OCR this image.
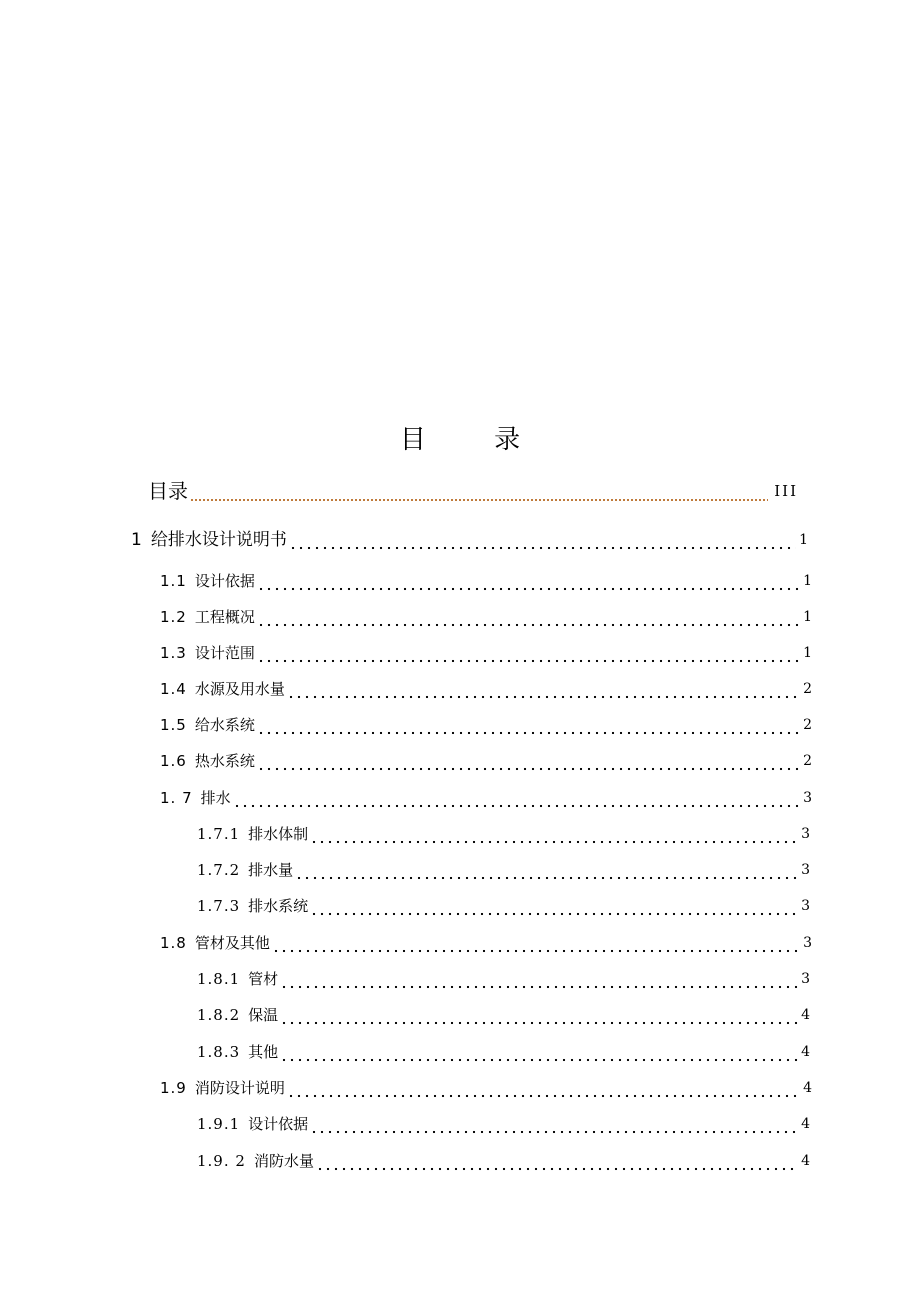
目 录
目录	III
1 给排水设计说明书	1
1.1 设计依据	1
1.2 工程概况	1
1.3 设计范围	1
1.4 水源及用水量	2
1.5 给水系统	2
1.6 热水系统	2
1. 7 排水	3
1.7.1 排水体制	3
1.7.2 排水量	3
1.7.3 排水系统	3
1.8 管材及其他	3
1.8.1 管材	3
1.8.2 保温	4
1.8.3 其他	4
1.9 消防设计说明	4
1.9.1 设计依据	4
1.9. 2 消防水量	4
